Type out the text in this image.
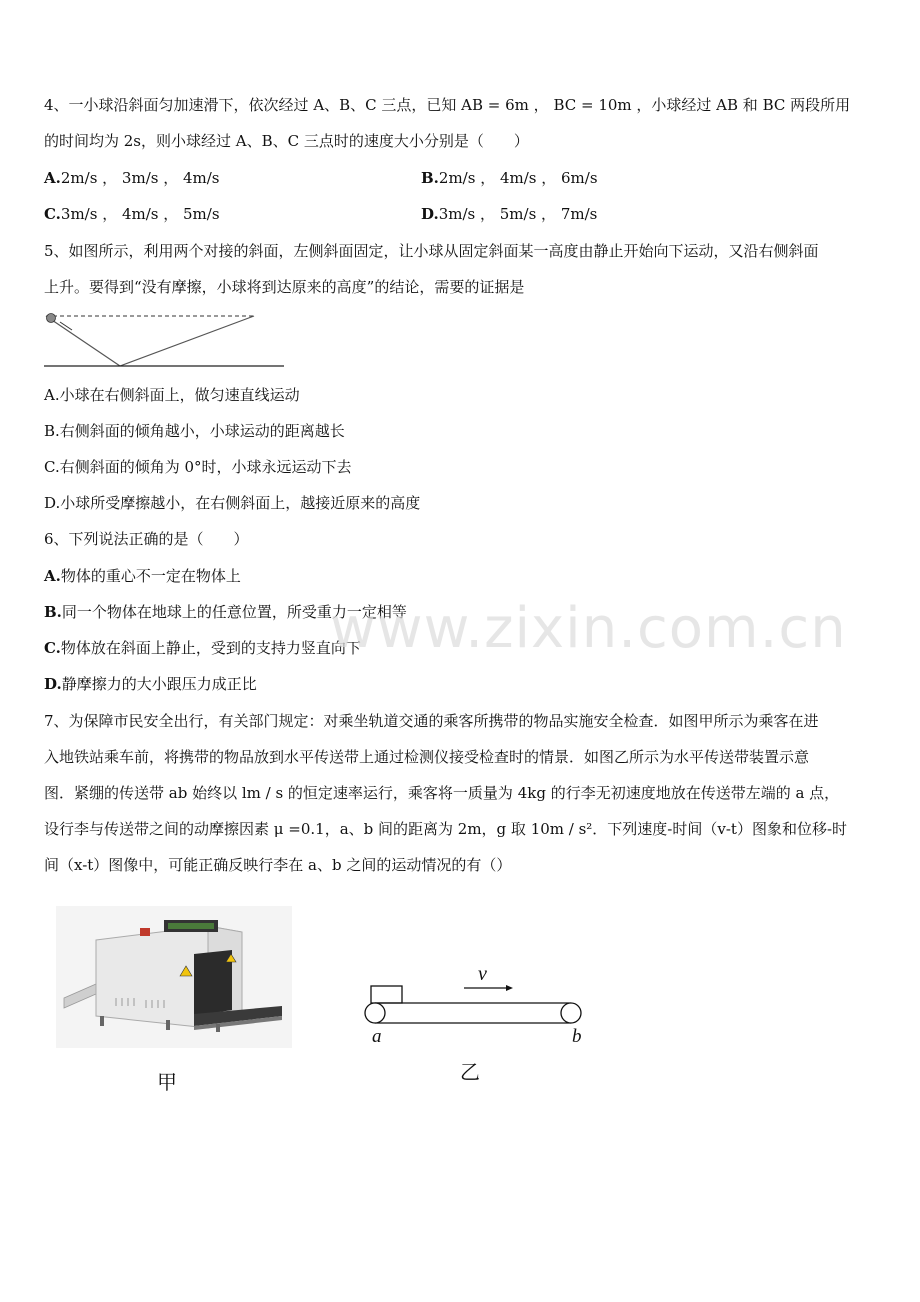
4、一小球沿斜面匀加速滑下，依次经过 A、B、C 三点，已知 AB = 6m ， BC = 10m ，小球经过 AB 和 BC 两段所用
的时间均为 2s，则小球经过 A、B、C 三点时的速度大小分别是（　　）
A.2m/s ， 3m/s ， 4m/s	B.2m/s ， 4m/s ， 6m/s
C.3m/s ， 4m/s ， 5m/s	D.3m/s ， 5m/s ， 7m/s
5、如图所示，利用两个对接的斜面，左侧斜面固定，让小球从固定斜面某一高度由静止开始向下运动，又沿右侧斜面
上升。要得到“没有摩擦，小球将到达原来的高度”的结论，需要的证据是
A.小球在右侧斜面上，做匀速直线运动
B.右侧斜面的倾角越小，小球运动的距离越长
C.右侧斜面的倾角为 0°时，小球永远运动下去
D.小球所受摩擦越小，在右侧斜面上，越接近原来的高度
6、下列说法正确的是（　　）
A.物体的重心不一定在物体上
B.同一个物体在地球上的任意位置，所受重力一定相等
C.物体放在斜面上静止，受到的支持力竖直向下
D.静摩擦力的大小跟压力成正比
www.zixin.com.cn
7、为保障市民安全出行，有关部门规定：对乘坐轨道交通的乘客所携带的物品实施安全检查．如图甲所示为乘客在进
入地铁站乘车前，将携带的物品放到水平传送带上通过检测仪接受检查时的情景．如图乙所示为水平传送带装置示意
图．紧绷的传送带 ab 始终以 lm / s 的恒定速率运行，乘客将一质量为 4kg 的行李无初速度地放在传送带左端的 a 点，
设行李与传送带之间的动摩擦因素 μ =0.1，a、b 间的距离为 2m，g 取 10m / s²．下列速度-时间（v-t）图象和位移-时
间（x-t）图像中，可能正确反映行李在 a、b 之间的运动情况的有（）
甲
v
a	b
乙
